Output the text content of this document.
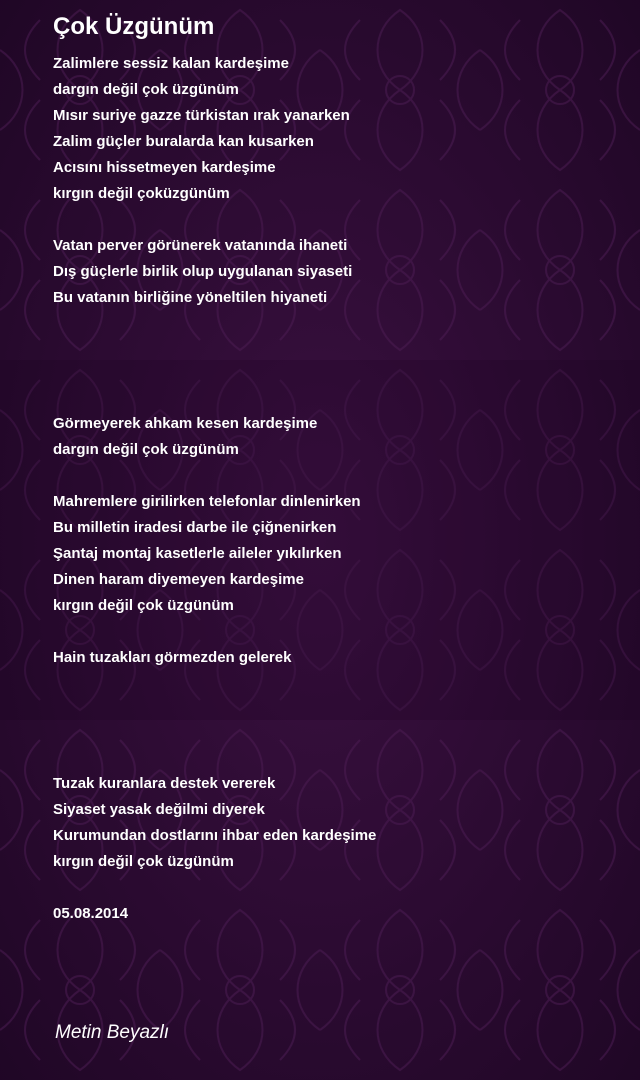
Çok Üzgünüm
Zalimlere sessiz kalan kardeşime
dargın değil çok üzgünüm
Mısır suriye gazze türkistan ırak yanarken
Zalim güçler buralarda kan kusarken
Acısını hissetmeyen kardeşime
kırgın değil çoküzgünüm
Vatan perver görünerek vatanında ihaneti
Dış güçlerle birlik olup uygulanan siyaseti
Bu vatanın birliğine yöneltilen hiyaneti
Görmeyerek ahkam kesen kardeşime
dargın değil çok üzgünüm
Mahremlere girilirken telefonlar dinlenirken
Bu milletin iradesi darbe ile çiğnenirken
Şantaj montaj kasetlerle aileler yıkılırken
Dinen haram diyemeyen kardeşime
kırgın değil çok üzgünüm
Hain tuzakları görmezden gelerek
Tuzak kuranlara destek vererek
Siyaset yasak değilmi diyerek
Kurumundan dostlarını ihbar eden kardeşime
kırgın değil çok üzgünüm
05.08.2014

Metin Beyazlı
